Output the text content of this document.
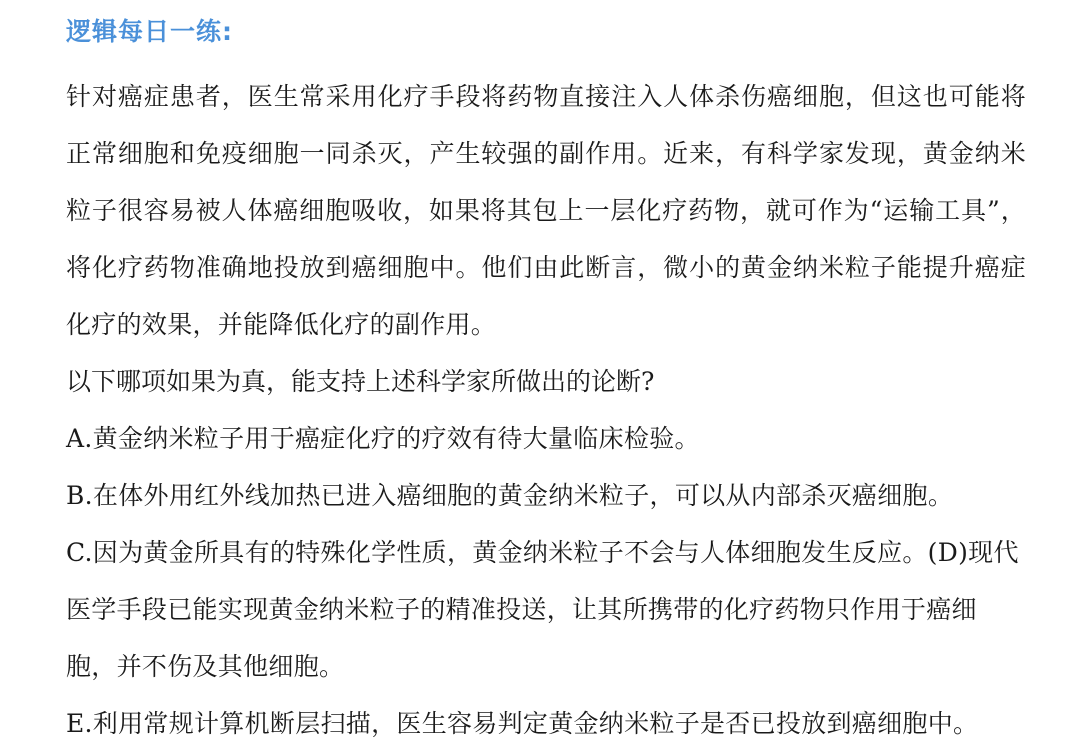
逻辑每日一练:

针对癌症患者，医生常采用化疗手段将药物直接注入人体杀伤癌细胞，但这也可能将正常细胞和免疫细胞一同杀灭，产生较强的副作用。近来，有科学家发现，黄金纳米粒子很容易被人体癌细胞吸收，如果将其包上一层化疗药物，就可作为“运输工具”，将化疗药物准确地投放到癌细胞中。他们由此断言，微小的黄金纳米粒子能提升癌症化疗的效果，并能降低化疗的副作用。

以下哪项如果为真，能支持上述科学家所做出的论断?

A.黄金纳米粒子用于癌症化疗的疗效有待大量临床检验。

B.在体外用红外线加热已进入癌细胞的黄金纳米粒子，可以从内部杀灭癌细胞。

C.因为黄金所具有的特殊化学性质，黄金纳米粒子不会与人体细胞发生反应。(D)现代医学手段已能实现黄金纳米粒子的精准投送，让其所携带的化疗药物只作用于癌细胞，并不伤及其他细胞。

E.利用常规计算机断层扫描，医生容易判定黄金纳米粒子是否已投放到癌细胞中。
